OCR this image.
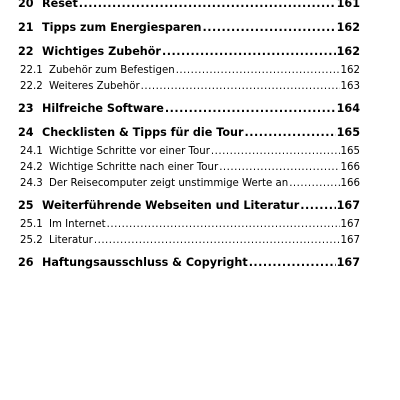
20 Reset .....	161
21 Tipps zum Energiesparen .....	162
22 Wichtiges Zubehör .....	162
22.1 Zubehör zum Befestigen .....	162
22.2 Weiteres Zubehör .....	163
23 Hilfreiche Software .....	164
24 Checklisten & Tipps für die Tour .....	165
24.1 Wichtige Schritte vor einer Tour .....	165
24.2 Wichtige Schritte nach einer Tour .....	166
24.3 Der Reisecomputer zeigt unstimmige Werte an .....	166
25 Weiterführende Webseiten und Literatur .....	167
25.1 Im Internet .....	167
25.2 Literatur .....	167
26 Haftungsausschluss & Copyright .....	167
